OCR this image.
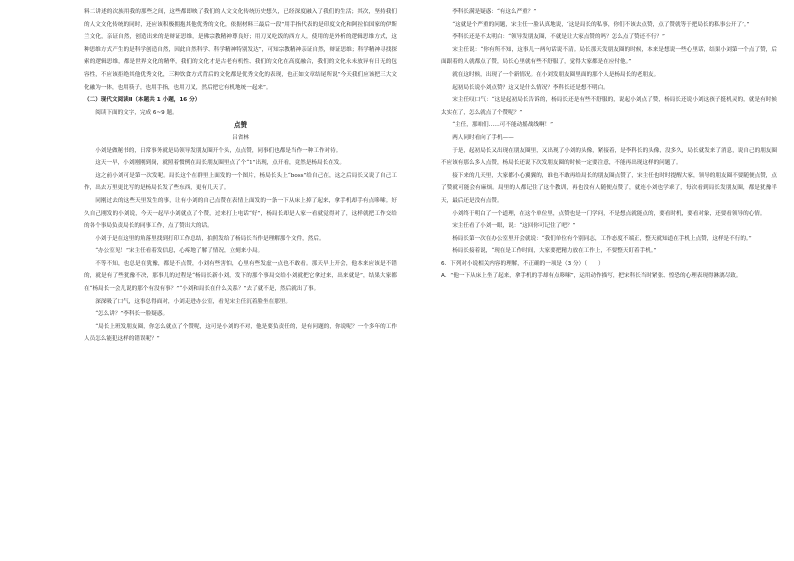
料二讲述的次族用我的那些之间，这些都即映了我们的人文文化传统历史想久，已经深度融入了我们的生活；其次，坚持我们的人文文化传统的同时，还应该积极拥抱其他优秀的文化，依据材料三最后一段“用手指代表的是印度文化和阿拉伯国家的伊斯兰文化，亲证自然，创造出来的是辩证思维，是佛宗教精神尊良好；用刀叉吃饭的西方人，使用的是外析的逻辑思维方式，这种思维方式产生的是科学创造自然，因此自然科学、科学精神特别发达”，可知宗教精神亲证自然，辩证思维；科学精神寻找探索的逻辑思维，都是世界文化的精华，我们的文化才是古老有机性、我们的文化在高度融合，我们的文化永未放异有日无的包容性，不应该拒绝其他优秀文化，三种饮食方式背后的文化都是优秀文化的表现，也正如文章结尾所说“今天我们应该把三大文化融为一体，也用筷子，也用手指，也用刀叉，然后把它有机地统一起来”。

（二）现代文阅读Ⅱ（本题共 1 小题，16 分）

阅读下面的文字，完成 6~9 题。

点赞

吕省林

小刘是做秘书的，日常事务就是局领导发朋友圈开个头，点点赞，同事们也都是当作一种工作对待。

这天一早，小刘刚刚到岗，就照着惯例在局长朋友圈里点了个“1”出现，点开看，竟然是杨局长在发。

这之前小刘可是第一次发呢。局长这个在群里上面发的一个图片，杨局长头上“boss”给自己在，这之后局长又说了自己工作，出去万里更比写的是杨局长发了些东西，更有几天了。

同刚过去的这些天里发生的事，让有小刘的自己点赞在表情上面发的一条一下从床上掉了起来，拿手机却手有点哆嗦。好久自己刚发的小刘说，今天一起早小刘就点了个赞，过来打上电话“好”，杨局长却是人家一看就觉得对了，这样就把工作交给的各个事局负责局长的同事工作，点了赞出大的话。

小刘于是在这里的角落里找到打印工作总结，拍照发给了杨局长当作是理解那个文件，然后。

“办公室见！”宋主任看着发信息，心疼地了解了情况，立刻来小局。

不等不知，也总是在犹豫，都是不点赞，小刘有些害怕，心里有些发虚一点也不敢看。那天早上开会，他本来应该是不错的，就是有了些犹豫不决，那事儿的过程是“杨局长新小刘，发下的那个事局交给小刘就把它拿过来，出来就是”，结果大家都在“杨局长一会儿说的那个有没有事？”“小刘和局长在什么关系？”去了就不是，然后就出了事。

深深吸了口气，这事总得面对，小刘走进办公室，看见宋主任沉着脸坐在那里。

“怎么讲？”李科长一脸疑惑。

“局长上班发朋友圈，你怎么就点了个赞呢，这可是小刘的不对，他是要负责任的，是有问题的，你说呢？一个多年的工作人员怎么能犯这样的错误呢？”

李科长满是疑惑：“有这么严重？”

“这就是个严重的问题，宋主任一脸认真地说，‘这是局长的私事，你们不该去点赞，点了赞就等于把局长的私事公开了’。”

李科长还是不太明白：“领导发朋友圈，不就是让大家点赞的吗？怎么点了赞还不行？”

宋主任说：“你有所不知，这事儿一两句话说不清。局长那天发朋友圈的时候，本来是想说一些心里话，结果小刘第一个点了赞，后面跟着的人就都点了赞，局长心里就有些不舒服了，觉得大家都是在应付他。”

就在这时候，出现了一个新情况。在小刘发朋友圈里面的那个人是杨局长的老朋友。

起初局长说小刘点赞？这又是什么情况？李科长还是想不明白。

宋主任叹口气：“这是起初局长告诉的，杨局长还是有些不舒服的，说起小刘点了赞，杨局长还说小刘这孩子挺机灵的，就是有时候太实在了，怎么就点了个赞呢？”

“主任，那咱们……可不能动摇战线啊！”

两人同时看向了手机——

于是，起初局长又出现在朋友圈里，又出现了小刘的头像，紧接着，是李科长的头像，没多久，局长就发来了消息，说自己的朋友圈不应该有那么多人点赞，杨局长还说下次发朋友圈的时候一定要注意，不能再出现这样的问题了。

接下来的几天里，大家都小心翼翼的，谁也不敢再给局长的朋友圈点赞了，宋主任也时时提醒大家，领导的朋友圈不要随便点赞，点了赞就可能会有麻烦。局里的人都记住了这个教训，再也没有人随便点赞了，就连小刘也学乖了，每次看到局长发朋友圈，都是犹豫半天，最后还是没有点赞。

小刘终于明白了一个道理，在这个单位里，点赞也是一门学问，不是想点就能点的，要看时机，要看对象，还要看领导的心情。

宋主任看了小刘一眼，说：“这回你可记住了吧？”

杨局长第一次在办公室里开会就说：“我们单位有个别同志，工作态度不端正，整天就知道在手机上点赞，这样是不行的。”

杨局长接着说，“现在是工作时间，大家要把精力放在工作上，不要整天盯着手机。”

6．下列对小说相关内容的理解，不正确的一项是（3 分）（　　）

A．“他一下从床上坐了起来，拿手机的手却有点哆嗦”，运用动作描写，把宋科长当时紧张、惶恐的心理表现得淋漓尽致。
